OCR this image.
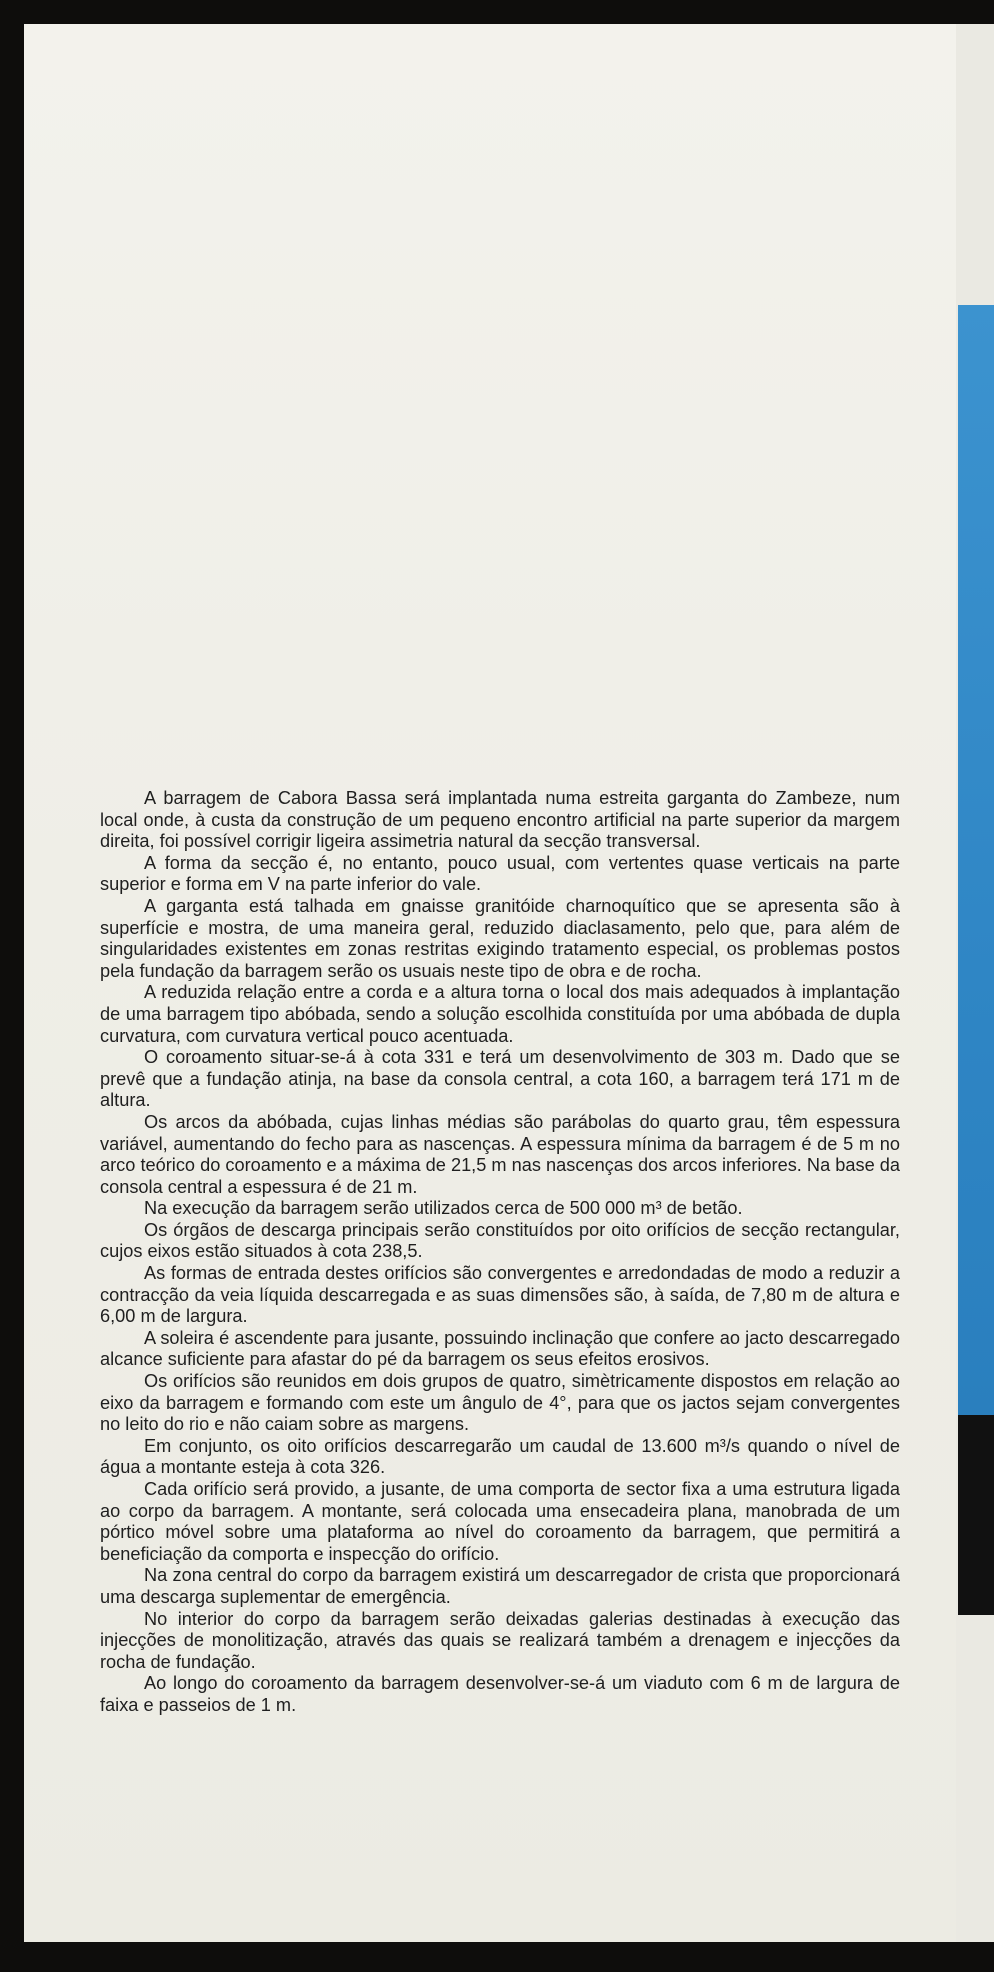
A barragem de Cabora Bassa será implantada numa estreita garganta do Zambeze, num local onde, à custa da construção de um pequeno encontro artificial na parte superior da margem direita, foi possível corrigir ligeira assimetria natural da secção transversal.

A forma da secção é, no entanto, pouco usual, com vertentes quase verticais na parte superior e forma em V na parte inferior do vale.

A garganta está talhada em gnaisse granitóide charnoquítico que se apresenta são à superfície e mostra, de uma maneira geral, reduzido diaclasamento, pelo que, para além de singularidades existentes em zonas restritas exigindo tratamento especial, os problemas postos pela fundação da barragem serão os usuais neste tipo de obra e de rocha.

A reduzida relação entre a corda e a altura torna o local dos mais adequados à implantação de uma barragem tipo abóbada, sendo a solução escolhida constituída por uma abóbada de dupla curvatura, com curvatura vertical pouco acentuada.

O coroamento situar-se-á à cota 331 e terá um desenvolvimento de 303 m. Dado que se prevê que a fundação atinja, na base da consola central, a cota 160, a barragem terá 171 m de altura.

Os arcos da abóbada, cujas linhas médias são parábolas do quarto grau, têm espessura variável, aumentando do fecho para as nascenças. A espessura mínima da barragem é de 5 m no arco teórico do coroamento e a máxima de 21,5 m nas nascenças dos arcos inferiores. Na base da consola central a espessura é de 21 m.

Na execução da barragem serão utilizados cerca de 500 000 m³ de betão.

Os órgãos de descarga principais serão constituídos por oito orifícios de secção rectangular, cujos eixos estão situados à cota 238,5.

As formas de entrada destes orifícios são convergentes e arredondadas de modo a reduzir a contracção da veia líquida descarregada e as suas dimensões são, à saída, de 7,80 m de altura e 6,00 m de largura.

A soleira é ascendente para jusante, possuindo inclinação que confere ao jacto descarregado alcance suficiente para afastar do pé da barragem os seus efeitos erosivos.

Os orifícios são reunidos em dois grupos de quatro, simètricamente dispostos em relação ao eixo da barragem e formando com este um ângulo de 4°, para que os jactos sejam convergentes no leito do rio e não caiam sobre as margens.

Em conjunto, os oito orifícios descarregarão um caudal de 13.600 m³/s quando o nível de água a montante esteja à cota 326.

Cada orifício será provido, a jusante, de uma comporta de sector fixa a uma estrutura ligada ao corpo da barragem. A montante, será colocada uma ensecadeira plana, manobrada de um pórtico móvel sobre uma plataforma ao nível do coroamento da barragem, que permitirá a beneficiação da comporta e inspecção do orifício.

Na zona central do corpo da barragem existirá um descarregador de crista que proporcionará uma descarga suplementar de emergência.

No interior do corpo da barragem serão deixadas galerias destinadas à execução das injecções de monolitização, através das quais se realizará também a drenagem e injecções da rocha de fundação.

Ao longo do coroamento da barragem desenvolver-se-á um viaduto com 6 m de largura de faixa e passeios de 1 m.
